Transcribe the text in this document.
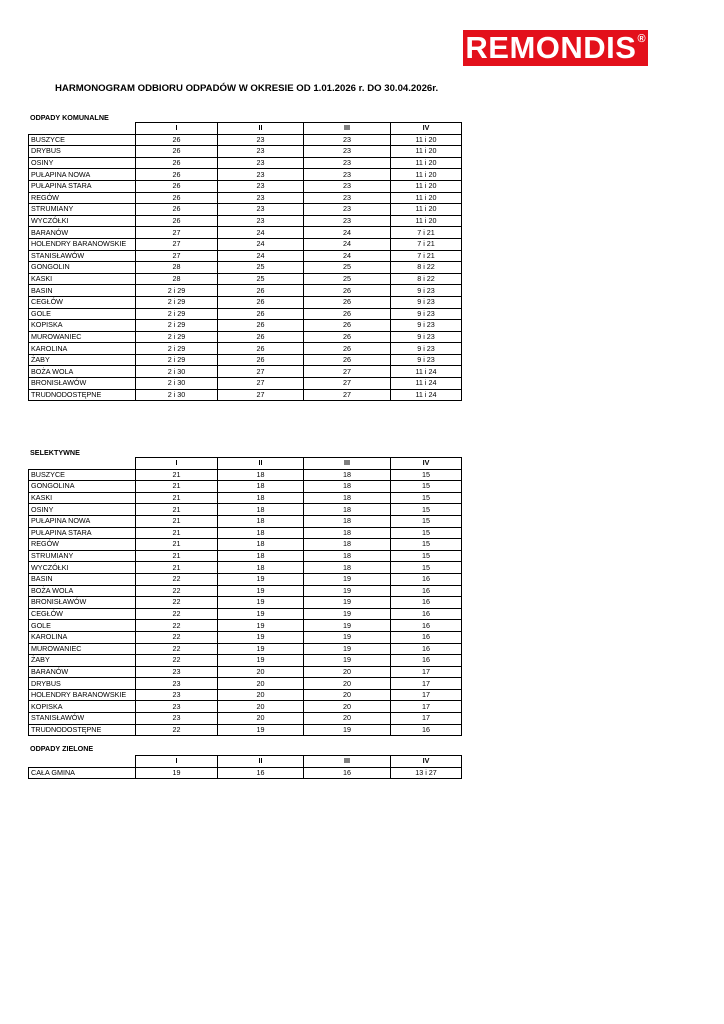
REMONDIS ®
HARMONOGRAM ODBIORU ODPADÓW W OKRESIE OD 1.01.2026 r. DO 30.04.2026r.
ODPADY KOMUNALNE
	I	II	III	IV
BUSZYCE	26	23	23	11 i 20
DRYBUS	26	23	23	11 i 20
OSINY	26	23	23	11 i 20
PUŁAPINA NOWA	26	23	23	11 i 20
PUŁAPINA STARA	26	23	23	11 i 20
REGÓW	26	23	23	11 i 20
STRUMIANY	26	23	23	11 i 20
WYCZÓŁKI	26	23	23	11 i 20
BARANÓW	27	24	24	7 i 21
HOLENDRY BARANOWSKIE	27	24	24	7 i 21
STANISŁAWÓW	27	24	24	7 i 21
GONGOLIN	28	25	25	8 i 22
KASKI	28	25	25	8 i 22
BASIN	2 i 29	26	26	9 i 23
CEGŁÓW	2 i 29	26	26	9 i 23
GOLE	2 i 29	26	26	9 i 23
KOPISKA	2 i 29	26	26	9 i 23
MUROWANIEC	2 i 29	26	26	9 i 23
KAROLINA	2 i 29	26	26	9 i 23
ŻABY	2 i 29	26	26	9 i 23
BOŻA WOLA	2 i 30	27	27	11 i 24
BRONISŁAWÓW	2 i 30	27	27	11 i 24
TRUDNODOSTĘPNE	2 i 30	27	27	11 i 24
SELEKTYWNE
	I	II	III	IV
BUSZYCE	21	18	18	15
GONGOLINA	21	18	18	15
KASKI	21	18	18	15
OSINY	21	18	18	15
PUŁAPINA NOWA	21	18	18	15
PUŁAPINA STARA	21	18	18	15
REGÓW	21	18	18	15
STRUMIANY	21	18	18	15
WYCZÓŁKI	21	18	18	15
BASIN	22	19	19	16
BOŻA WOLA	22	19	19	16
BRONISŁAWÓW	22	19	19	16
CEGŁÓW	22	19	19	16
GOLE	22	19	19	16
KAROLINA	22	19	19	16
MUROWANIEC	22	19	19	16
ŻABY	22	19	19	16
BARANÓW	23	20	20	17
DRYBUS	23	20	20	17
HOLENDRY BARANOWSKIE	23	20	20	17
KOPISKA	23	20	20	17
STANISŁAWÓW	23	20	20	17
TRUDNODOSTĘPNE	22	19	19	16
ODPADY ZIELONE
	I	II	III	IV
CAŁA GMINA	19	16	16	13 i 27
